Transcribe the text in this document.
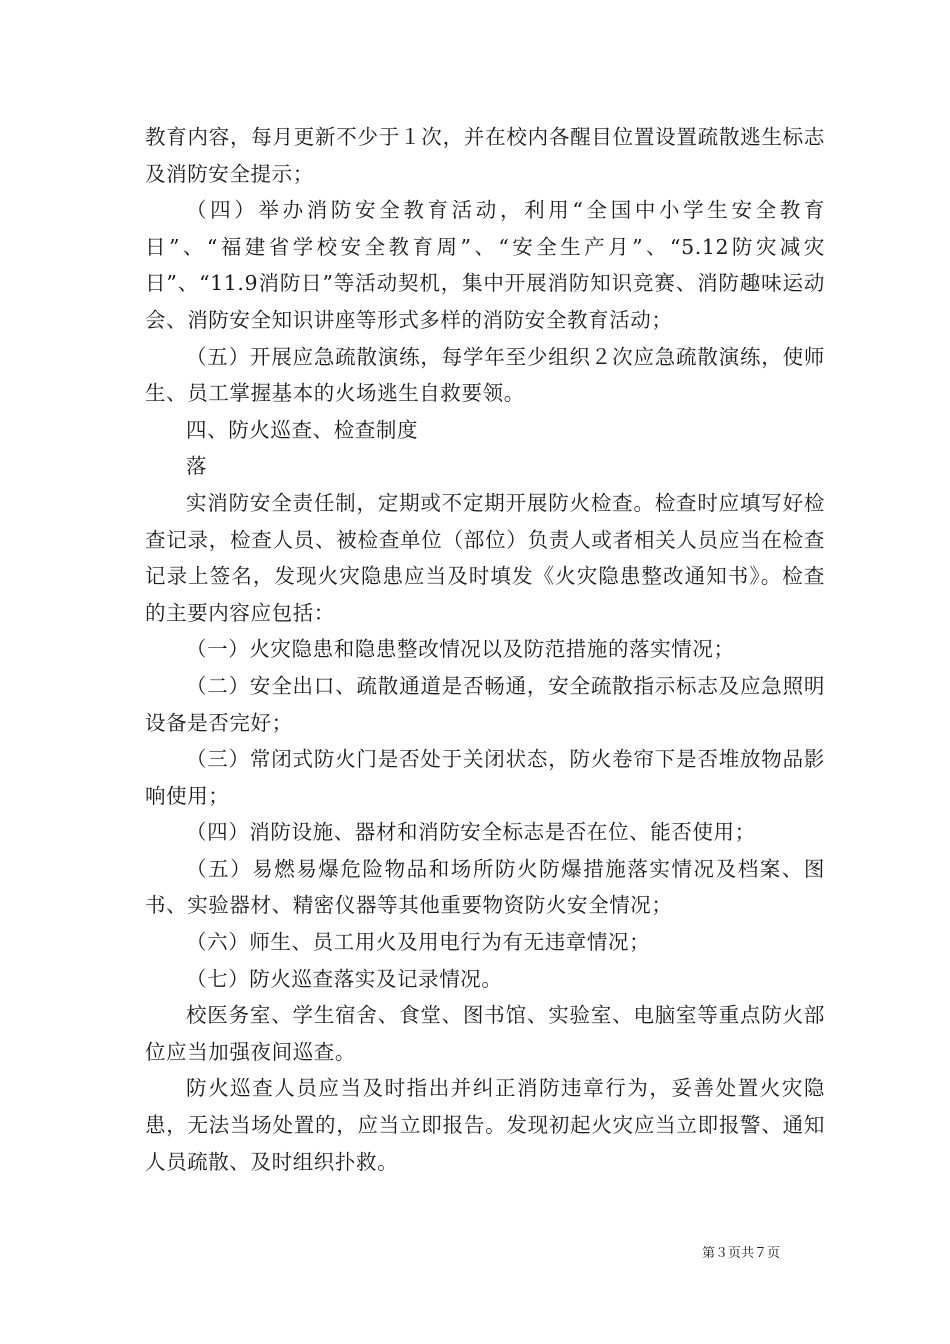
教育内容，每月更新不少于１次，并在校内各醒目位置设置疏散逃生标志及消防安全提示；

（四）举办消防安全教育活动，利用“全国中小学生安全教育日”、“福建省学校安全教育周”、“安全生产月”、“5.12防灾减灾日”、“11.9消防日”等活动契机，集中开展消防知识竞赛、消防趣味运动会、消防安全知识讲座等形式多样的消防安全教育活动；

（五）开展应急疏散演练，每学年至少组织２次应急疏散演练，使师生、员工掌握基本的火场逃生自救要领。

四、防火巡查、检查制度

落

实消防安全责任制，定期或不定期开展防火检查。检查时应填写好检查记录，检查人员、被检查单位（部位）负责人或者相关人员应当在检查记录上签名，发现火灾隐患应当及时填发《火灾隐患整改通知书》。检查的主要内容应包括：

（一）火灾隐患和隐患整改情况以及防范措施的落实情况；

（二）安全出口、疏散通道是否畅通，安全疏散指示标志及应急照明设备是否完好；

（三）常闭式防火门是否处于关闭状态，防火卷帘下是否堆放物品影响使用；

（四）消防设施、器材和消防安全标志是否在位、能否使用；

（五）易燃易爆危险物品和场所防火防爆措施落实情况及档案、图书、实验器材、精密仪器等其他重要物资防火安全情况；

（六）师生、员工用火及用电行为有无违章情况；

（七）防火巡查落实及记录情况。

校医务室、学生宿舍、食堂、图书馆、实验室、电脑室等重点防火部位应当加强夜间巡查。

防火巡查人员应当及时指出并纠正消防违章行为，妥善处置火灾隐患，无法当场处置的，应当立即报告。发现初起火灾应当立即报警、通知人员疏散、及时组织扑救。

第３页共７页
